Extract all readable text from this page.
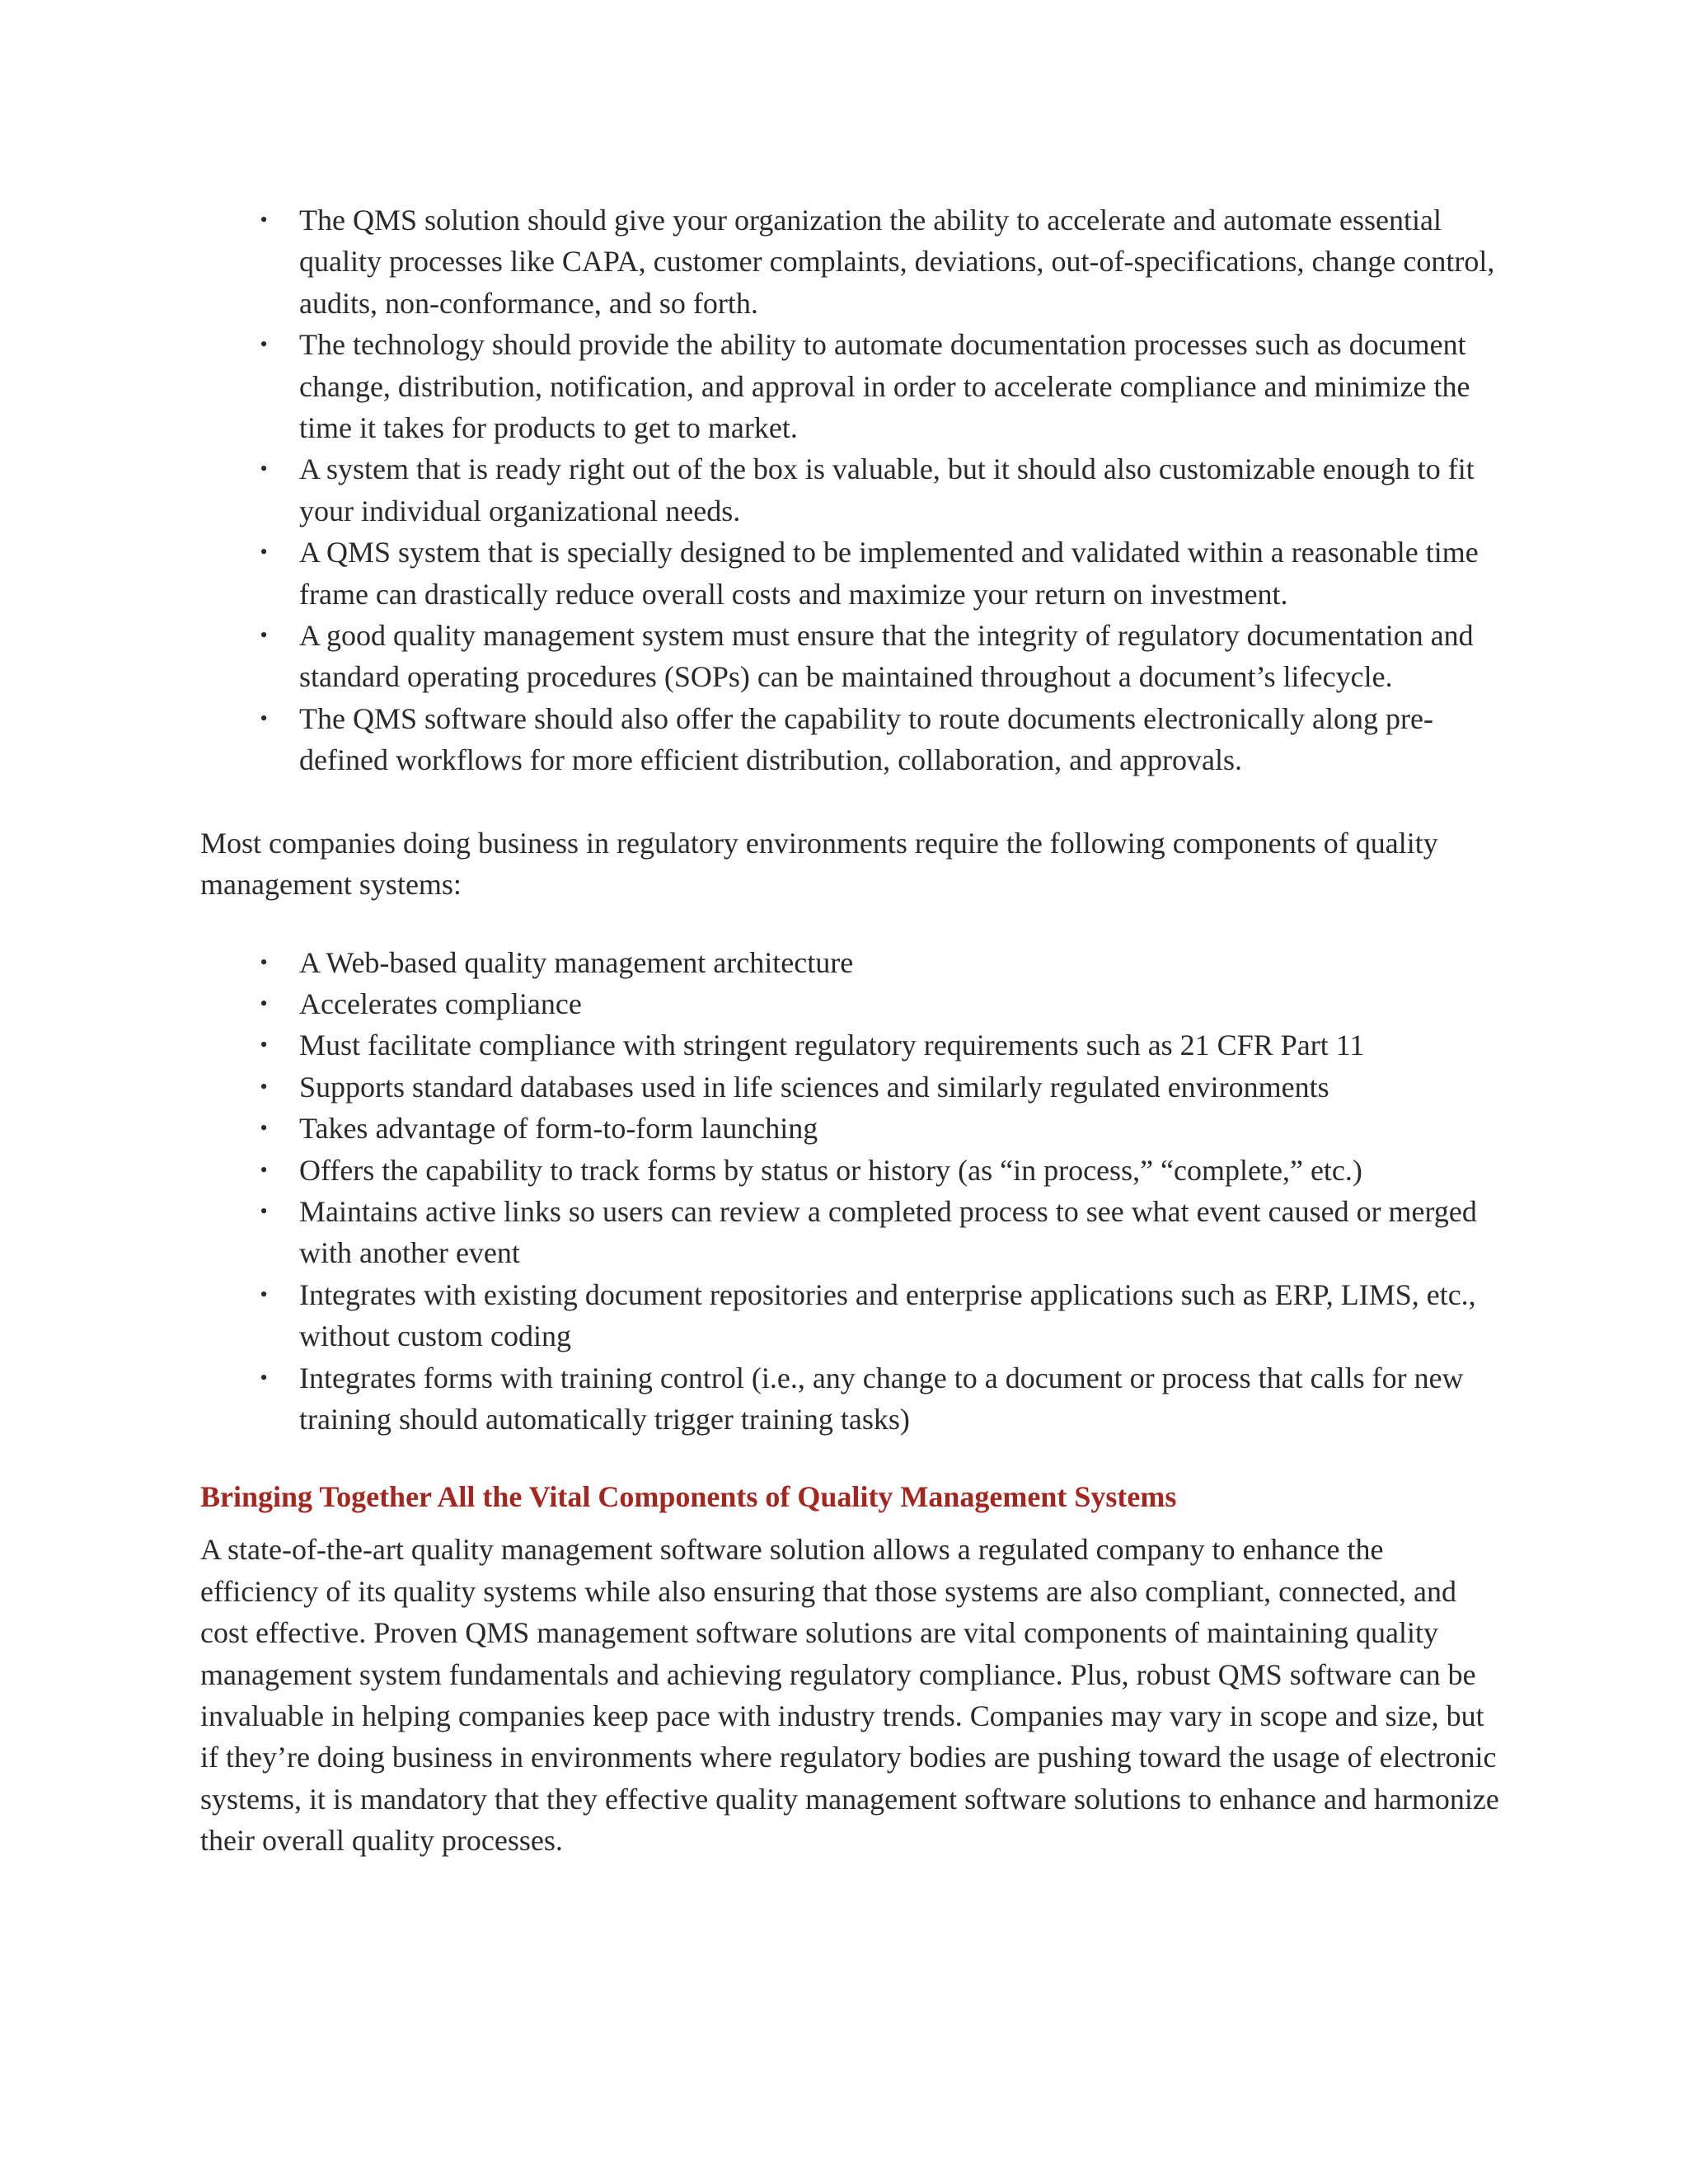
• The QMS solution should give your organization the ability to accelerate and automate essential quality processes like CAPA, customer complaints, deviations, out-of-specifications, change control, audits, non-conformance, and so forth.
• The technology should provide the ability to automate documentation processes such as document change, distribution, notification, and approval in order to accelerate compliance and minimize the time it takes for products to get to market.
• A system that is ready right out of the box is valuable, but it should also customizable enough to fit your individual organizational needs.
• A QMS system that is specially designed to be implemented and validated within a reasonable time frame can drastically reduce overall costs and maximize your return on investment.
• A good quality management system must ensure that the integrity of regulatory documentation and standard operating procedures (SOPs) can be maintained throughout a document’s lifecycle.
• The QMS software should also offer the capability to route documents electronically along pre-defined workflows for more efficient distribution, collaboration, and approvals.

Most companies doing business in regulatory environments require the following components of quality management systems:

• A Web-based quality management architecture
• Accelerates compliance
• Must facilitate compliance with stringent regulatory requirements such as 21 CFR Part 11
• Supports standard databases used in life sciences and similarly regulated environments
• Takes advantage of form-to-form launching
• Offers the capability to track forms by status or history (as “in process,” “complete,” etc.)
• Maintains active links so users can review a completed process to see what event caused or merged with another event
• Integrates with existing document repositories and enterprise applications such as ERP, LIMS, etc., without custom coding
• Integrates forms with training control (i.e., any change to a document or process that calls for new training should automatically trigger training tasks)
Bringing Together All the Vital Components of Quality Management Systems

A state-of-the-art quality management software solution allows a regulated company to enhance the efficiency of its quality systems while also ensuring that those systems are also compliant, connected, and cost effective. Proven QMS management software solutions are vital components of maintaining quality management system fundamentals and achieving regulatory compliance. Plus, robust QMS software can be invaluable in helping companies keep pace with industry trends. Companies may vary in scope and size, but if they’re doing business in environments where regulatory bodies are pushing toward the usage of electronic systems, it is mandatory that they effective quality management software solutions to enhance and harmonize their overall quality processes.
